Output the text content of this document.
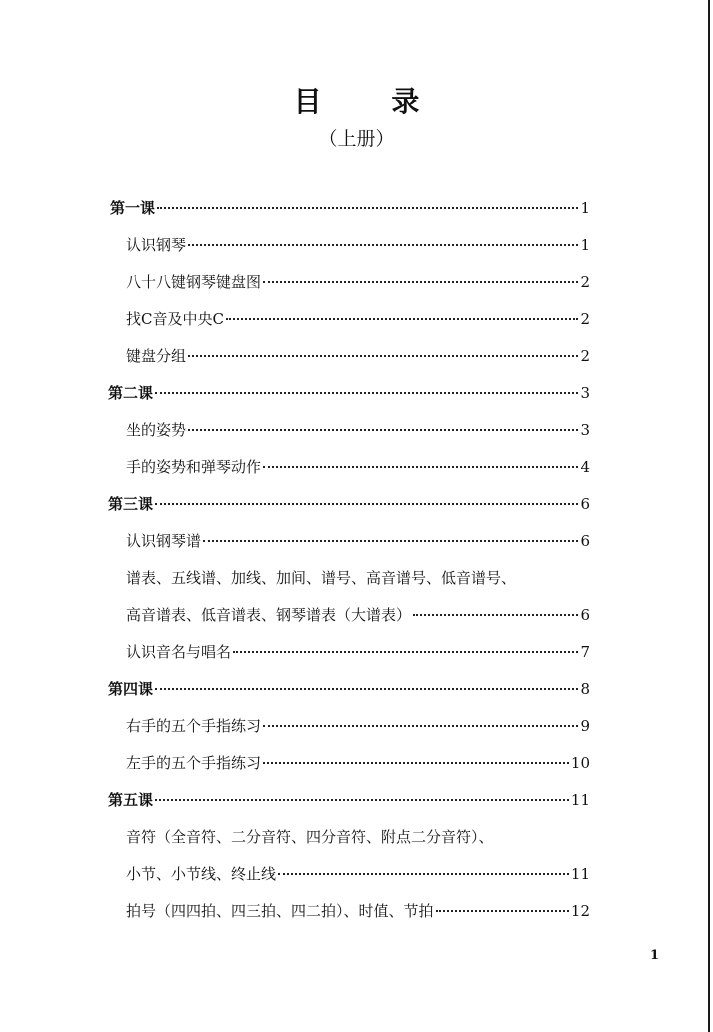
目 录
（上册）
第一课	1
认识钢琴	1
八十八键钢琴键盘图	2
找C音及中央C	2
键盘分组	2
第二课	3
坐的姿势	3
手的姿势和弹琴动作	4
第三课	6
认识钢琴谱	6
谱表、五线谱、加线、加间、谱号、高音谱号、低音谱号、
高音谱表、低音谱表、钢琴谱表（大谱表）	6
认识音名与唱名	7
第四课	8
右手的五个手指练习	9
左手的五个手指练习	10
第五课	11
音符（全音符、二分音符、四分音符、附点二分音符）、
小节、小节线、终止线	11
拍号（四四拍、四三拍、四二拍）、时值、节拍	12
1
